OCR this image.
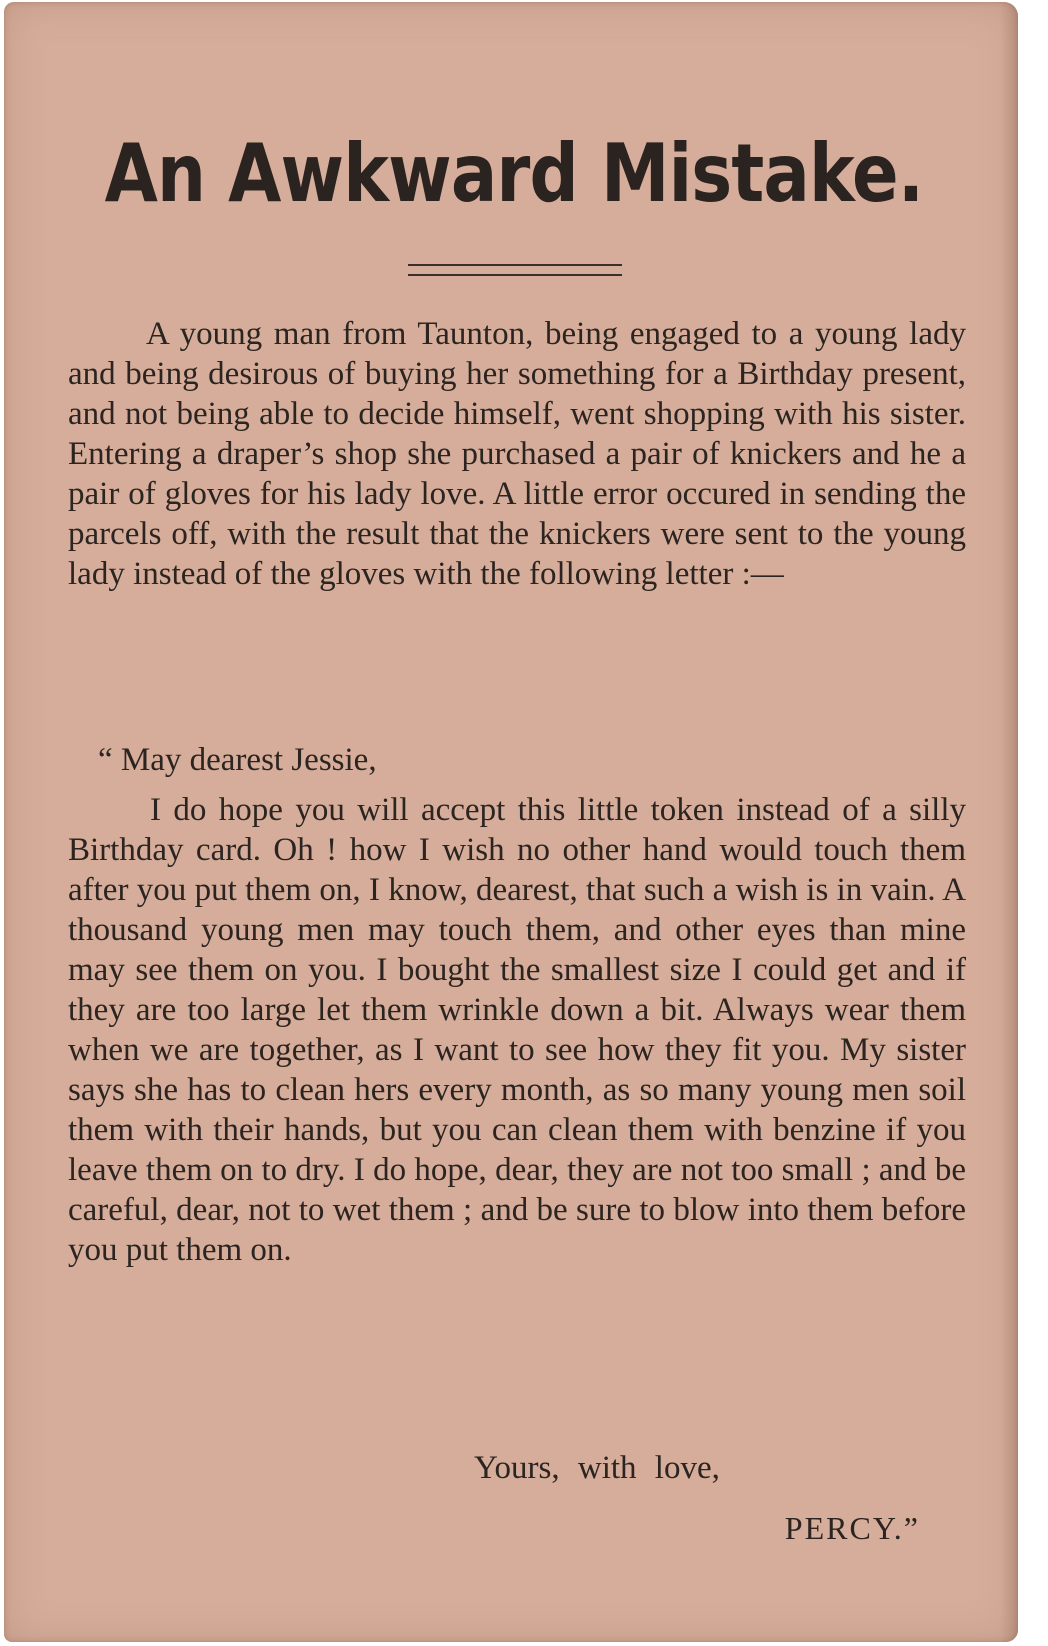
An Awkward Mistake.
A young man from Taunton, being engaged to a young lady and being desirous of buying her something for a Birthday present, and not being able to decide himself, went shopping with his sister. Entering a draper’s shop she purchased a pair of knickers and he a pair of gloves for his lady love. A little error occured in sending the parcels off, with the result that the knickers were sent to the young lady instead of the gloves with the following letter :—
“ May dearest Jessie,
I do hope you will accept this little token instead of a silly Birthday card. Oh ! how I wish no other hand would touch them after you put them on, I know, dearest, that such a wish is in vain. A thousand young men may touch them, and other eyes than mine may see them on you. I bought the smallest size I could get and if they are too large let them wrinkle down a bit. Always wear them when we are together, as I want to see how they fit you. My sister says she has to clean hers every month, as so many young men soil them with their hands, but you can clean them with benzine if you leave them on to dry. I do hope, dear, they are not too small ; and be careful, dear, not to wet them ; and be sure to blow into them before you put them on.
Yours, with love,
PERCY.”
